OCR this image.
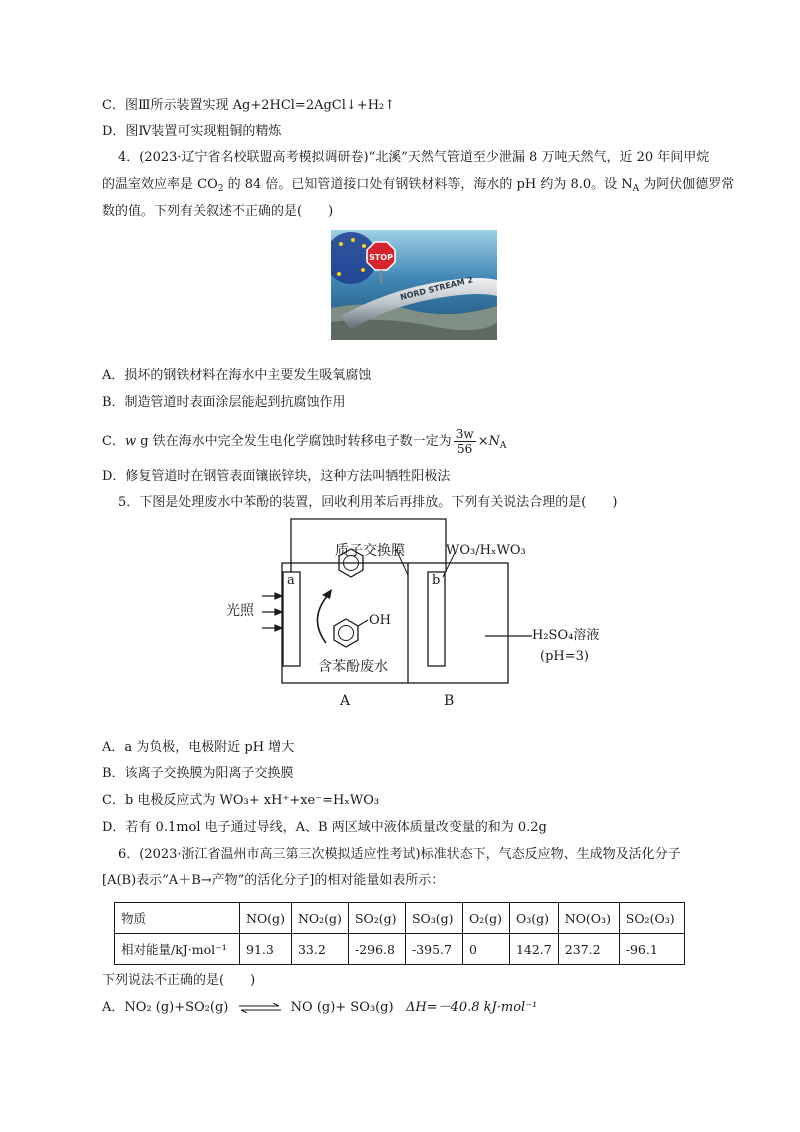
C．图Ⅲ所示装置实现 Ag+2HCl=2AgCl↓+H₂↑
D．图Ⅳ装置可实现粗铜的精炼
4．(2023·辽宁省名校联盟高考模拟调研卷)“北溪”天然气管道至少泄漏 8 万吨天然气，近 20 年间甲烷
的温室效应率是 $CO_2$ 的 84 倍。已知管道接口处有钢铁材料等，海水的 pH 约为 8.0。设 $N_A$ 为阿伏伽德罗常
数的值。下列有关叙述不正确的是(　　)
NORD STREAM 2
STOP
A．损坏的钢铁材料在海水中主要发生吸氧腐蚀
B．制造管道时表面涂层能起到抗腐蚀作用
C．w g 铁在海水中完全发生电化学腐蚀时转移电子数一定为 $\frac{3w}{56} \times N_A$
D．修复管道时在钢管表面镶嵌锌块，这种方法叫牺牲阳极法
5．下图是处理废水中苯酚的装置，回收利用苯后再排放。下列有关说法合理的是(　　)
质子交换膜	WO₃/HₓWO₃
a	b
光照
OH
含苯酚废水
H₂SO₄溶液
(pH=3)
A	B
A．a 为负极，电极附近 pH 增大
B．该离子交换膜为阳离子交换膜
C．b 电极反应式为 WO₃+ xH⁺+xe⁻=HₓWO₃
D．若有 0.1mol 电子通过导线，A、B 两区域中液体质量改变量的和为 0.2g
6．(2023·浙江省温州市高三第三次模拟适应性考试)标准状态下，气态反应物、生成物及活化分子
[A(B)表示“A＋B→产物”的活化分子]的相对能量如表所示：
物质	NO(g)	NO₂(g)	SO₂(g)	SO₃(g)	O₂(g)	O₃(g)	NO(O₃)	SO₂(O₃)
相对能量/kJ·mol⁻¹	91.3	33.2	-296.8	-395.7	0	142.7	237.2	-96.1
下列说法不正确的是(　　)
A．NO₂ (g)+SO₂(g) ⇌ NO (g)+ SO₃(g) ΔH=－40.8 kJ·mol⁻¹
